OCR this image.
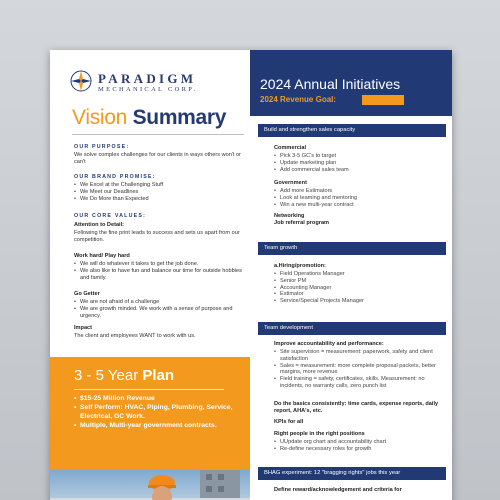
PARADIGM
MECHANICAL CORP.
Vision Summary
OUR PURPOSE:
We solve complex challenges for our clients in ways others won't or can't
OUR BRAND PROMISE:
• We Excel at the Challenging Stuff
• We Meet our Deadlines
• We Do More than Expected
OUR CORE VALUES:
Attention to Detail:
Following the fine print leads to success and sets us apart from our competition.
Work hard/ Play hard
• We will do whatever it takes to get the job done.
• We also like to have fun and balance our time for outside hobbies and family.
Go Getter
• We are not afraid of a challenge
• We are growth minded. We work with a sense of purpose and urgency.
Impact
The client and employees WANT to work with us.
3 - 5 Year Plan
• $15-25 Million Revenue
• Self Perform: HVAC, Piping, Plumbing, Service, Electrical, GC Work.
• Multiple, Multi-year government contracts.
2024 Annual Initiatives
2024 Revenue Goal:
Build and strengthen sales capacity
Commercial
• Pick 3-5 GC's to target
• Update marketing plan
• Add commercial sales team
Government
• Add more Estimators
• Look at teaming and mentoring
• Win a new multi-year contract
Networking
Job referral program
Team growth
a.Hiring/promotion:
• Field Operations Manager
• Senior PM
• Accounting Manager
• Estimator
• Service/Special Projects Manager
Team development
Improve accountability and performance:
• Site supervision = measurement: paperwork, safety and client satisfaction
• Sales = measurement: more complete proposal packets, better margins, more revenue
• Field training = safety, certificates, skills. Measurement: no incidents, no warranty calls, zero punch list
Do the basics consistently: time cards, expense reports, daily report, AHA's, etc.
KPIs for all
Right people in the right positions
• UUpdate org chart and accountability chart
• Re-define necessary roles for growth
BHAG experiment: 12 "bragging rights" jobs this year
Define reward/acknowledgement and criteria for
